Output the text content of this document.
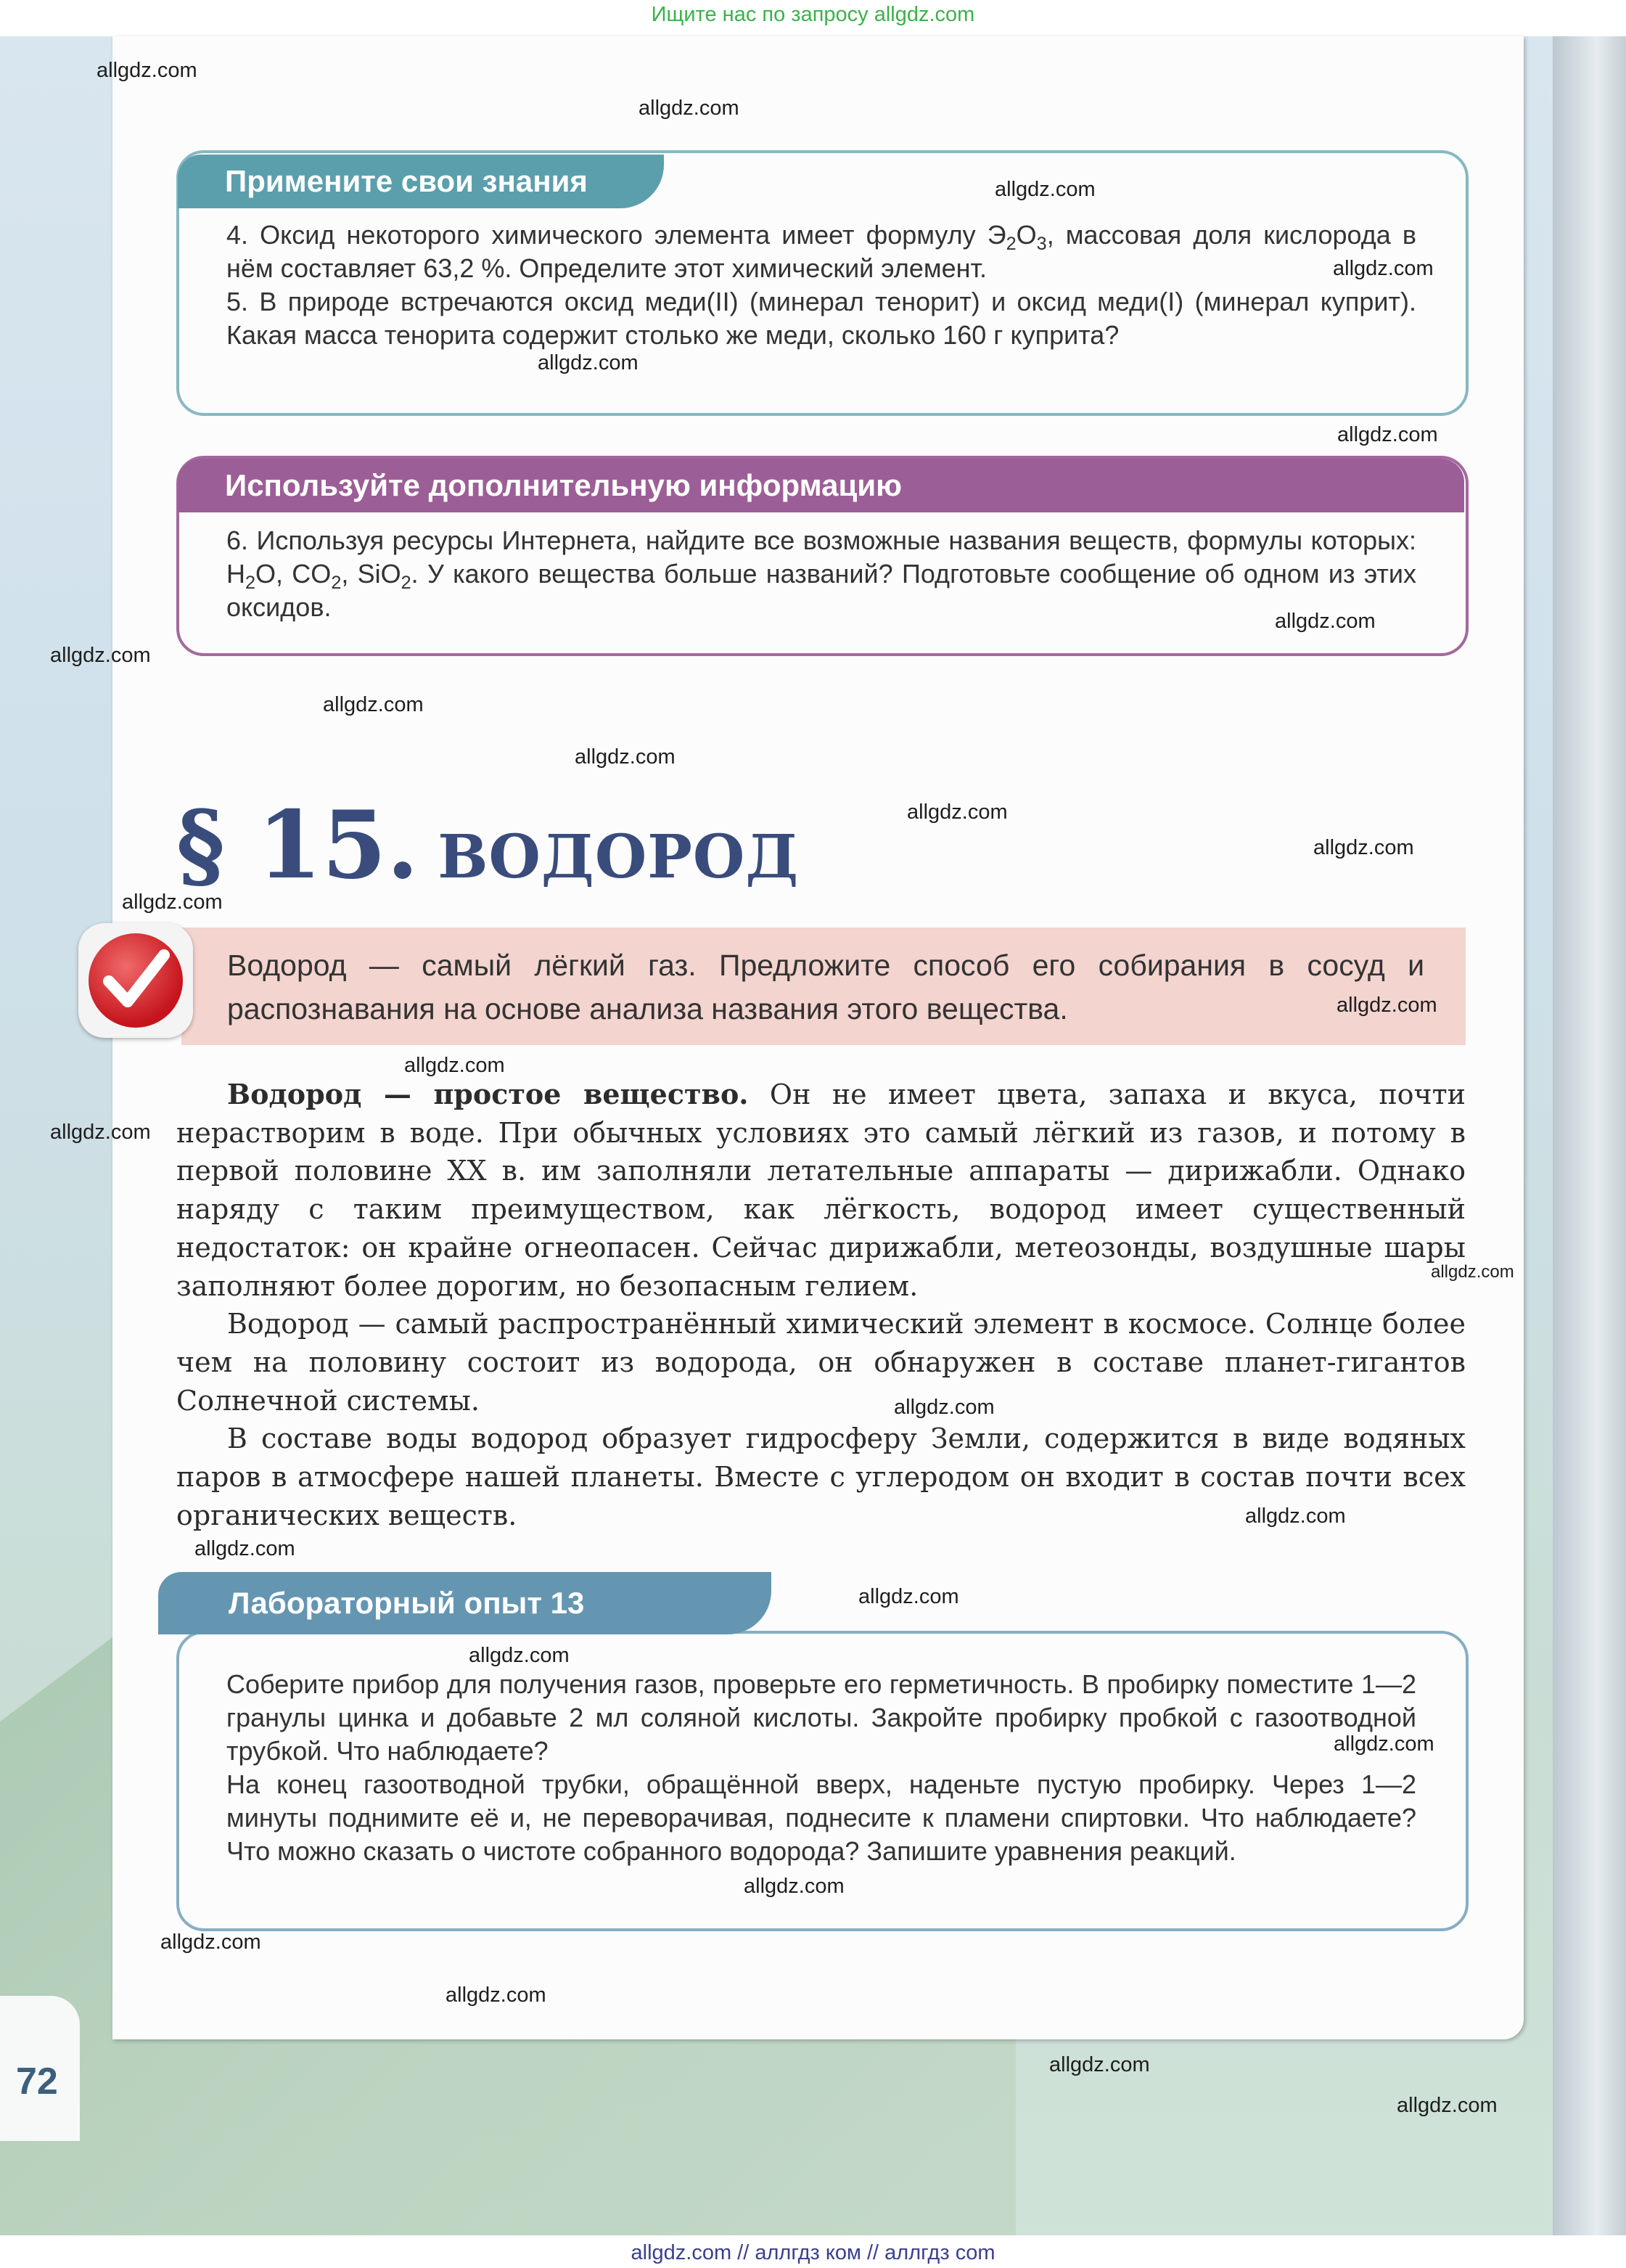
Ищите нас по запросу allgdz.com
Примените свои знания

4. Оксид некоторого химического элемента имеет формулу $Э_2О_3$, массовая доля кислорода в нём составляет 63,2 %. Определите этот химический элемент.

5. В природе встречаются оксид меди(II) (минерал тенорит) и оксид меди(I) (минерал куприт). Какая масса тенорита содержит столько же меди, сколько 160 г куприта?

Используйте дополнительную информацию

6. Используя ресурсы Интернета, найдите все возможные названия веществ, формулы которых: $H_2O$, $CO_2$, SiO$_2$. У какого вещества больше названий? Подготовьте сообщение об одном из этих оксидов.

§ 15. ВОДОРОД
Водород — самый лёгкий газ. Предложите способ его собирания в сосуд и распознавания на основе анализа названия этого вещества.

Водород — простое вещество. Он не имеет цвета, запаха и вкуса, почти нерастворим в воде. При обычных условиях это самый лёгкий из газов, и потому в первой половине XX в. им заполняли летательные аппараты — дирижабли. Однако наряду с таким преимуществом, как лёгкость, водород имеет существенный недостаток: он крайне огнеопасен. Сейчас дирижабли, метеозонды, воздушные шары заполняют более дорогим, но безопасным гелием.

Водород — самый распространённый химический элемент в космосе. Солнце более чем на половину состоит из водорода, он обнаружен в составе планет-гигантов Солнечной системы.

В составе воды водород образует гидросферу Земли, содержится в виде водяных паров в атмосфере нашей планеты. Вместе с углеродом он входит в состав почти всех органических веществ.

Лабораторный опыт 13

Соберите прибор для получения газов, проверьте его герметичность. В пробирку поместите 1—2 гранулы цинка и добавьте 2 мл соляной кислоты. Закройте пробирку пробкой с газоотводной трубкой. Что наблюдаете?

На конец газоотводной трубки, обращённой вверх, наденьте пустую пробирку. Через 1—2 минуты поднимите её и, не переворачивая, поднесите к пламени спиртовки. Что наблюдаете? Что можно сказать о чистоте собранного водорода? Запишите уравнения реакций.

72
allgdz.com
allgdz.com
allgdz.com
allgdz.com
allgdz.com
allgdz.com
allgdz.com
allgdz.com
allgdz.com
allgdz.com
allgdz.com
allgdz.com
allgdz.com
allgdz.com
allgdz.com
allgdz.com
allgdz.com
allgdz.com
allgdz.com
allgdz.com
allgdz.com
allgdz.com
allgdz.com
allgdz.com
allgdz.com
allgdz.com
allgdz.com
allgdz.com
allgdz.com // аллгдз ком // аллгдз com
